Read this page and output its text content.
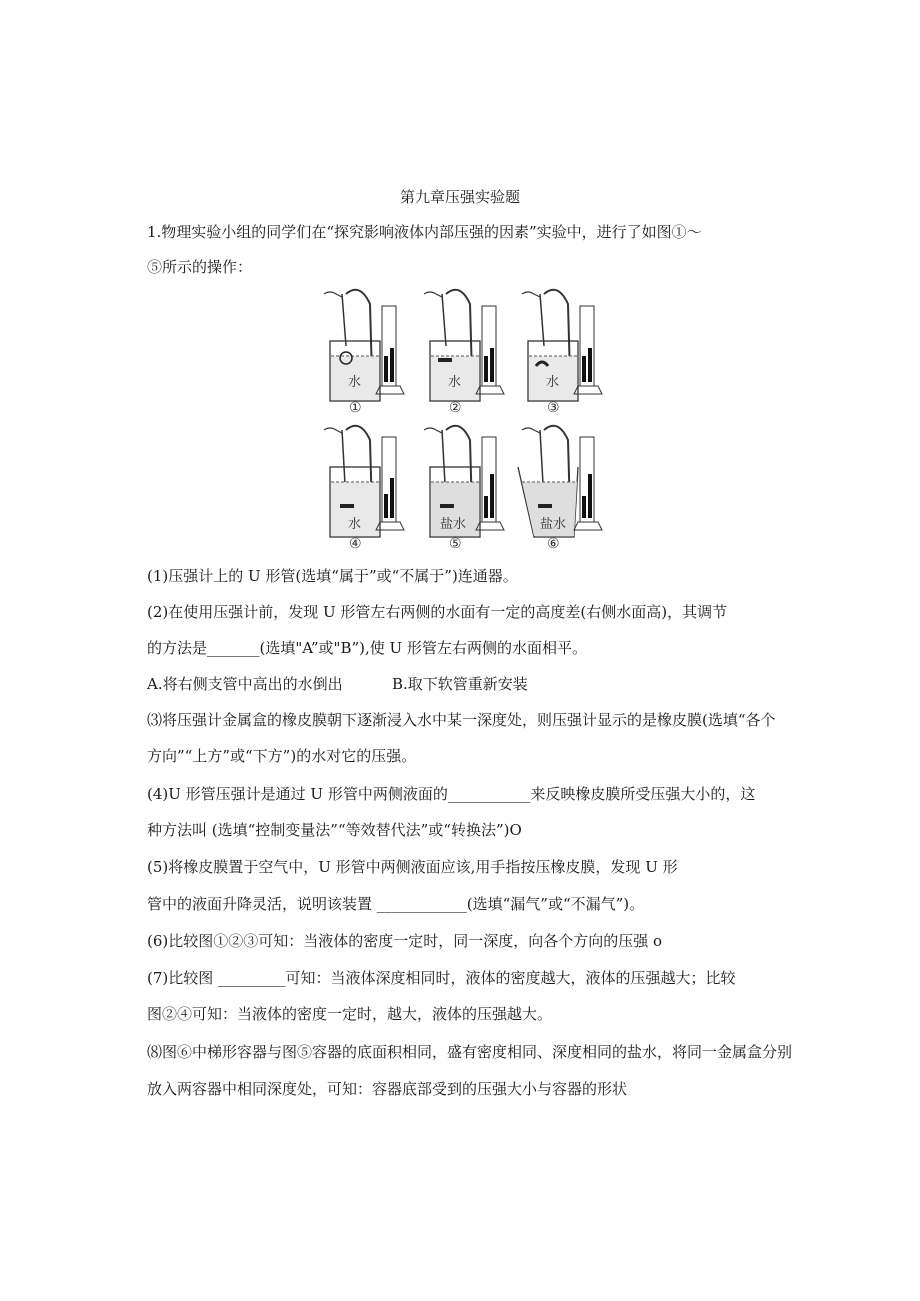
第九章压强实验题
1.物理实验小组的同学们在“探究影响液体内部压强的因素”实验中，进行了如图①～
⑤所示的操作：
水
①
水
②
水
③
水
④
盐水
⑤
盐水
⑥
(1)压强计上的 U 形管(选填“属于”或“不属于”)连通器。
(2)在使用压强计前，发现 U 形管左右两侧的水面有一定的高度差(右侧水面高)，其调节
的方法是_______(选填"A”或"B”),使 U 形管左右两侧的水面相平。
A.将右侧支管中高出的水倒出	B.取下软管重新安装
⑶将压强计金属盒的橡皮膜朝下逐渐浸入水中某一深度处，则压强计显示的是橡皮膜(选填“各个
方向”“上方”或“下方”)的水对它的压强。
(4)U 形管压强计是通过 U 形管中两侧液面的___________来反映橡皮膜所受压强大小的，这
种方法叫 (选填“控制变量法”“等效替代法”或“转换法”)O
(5)将橡皮膜置于空气中，U 形管中两侧液面应该,用手指按压橡皮膜，发现 U 形
管中的液面升降灵活，说明该装置 ____________(选填“漏气”或“不漏气”)。
(6)比较图①②③可知：当液体的密度一定时，同一深度，向各个方向的压强 o
(7)比较图 _________可知：当液体深度相同时，液体的密度越大，液体的压强越大；比较
图②④可知：当液体的密度一定时，越大，液体的压强越大。
⑻图⑥中梯形容器与图⑤容器的底面积相同，盛有密度相同、深度相同的盐水，将同一金属盒分别
放入两容器中相同深度处，可知：容器底部受到的压强大小与容器的形状
